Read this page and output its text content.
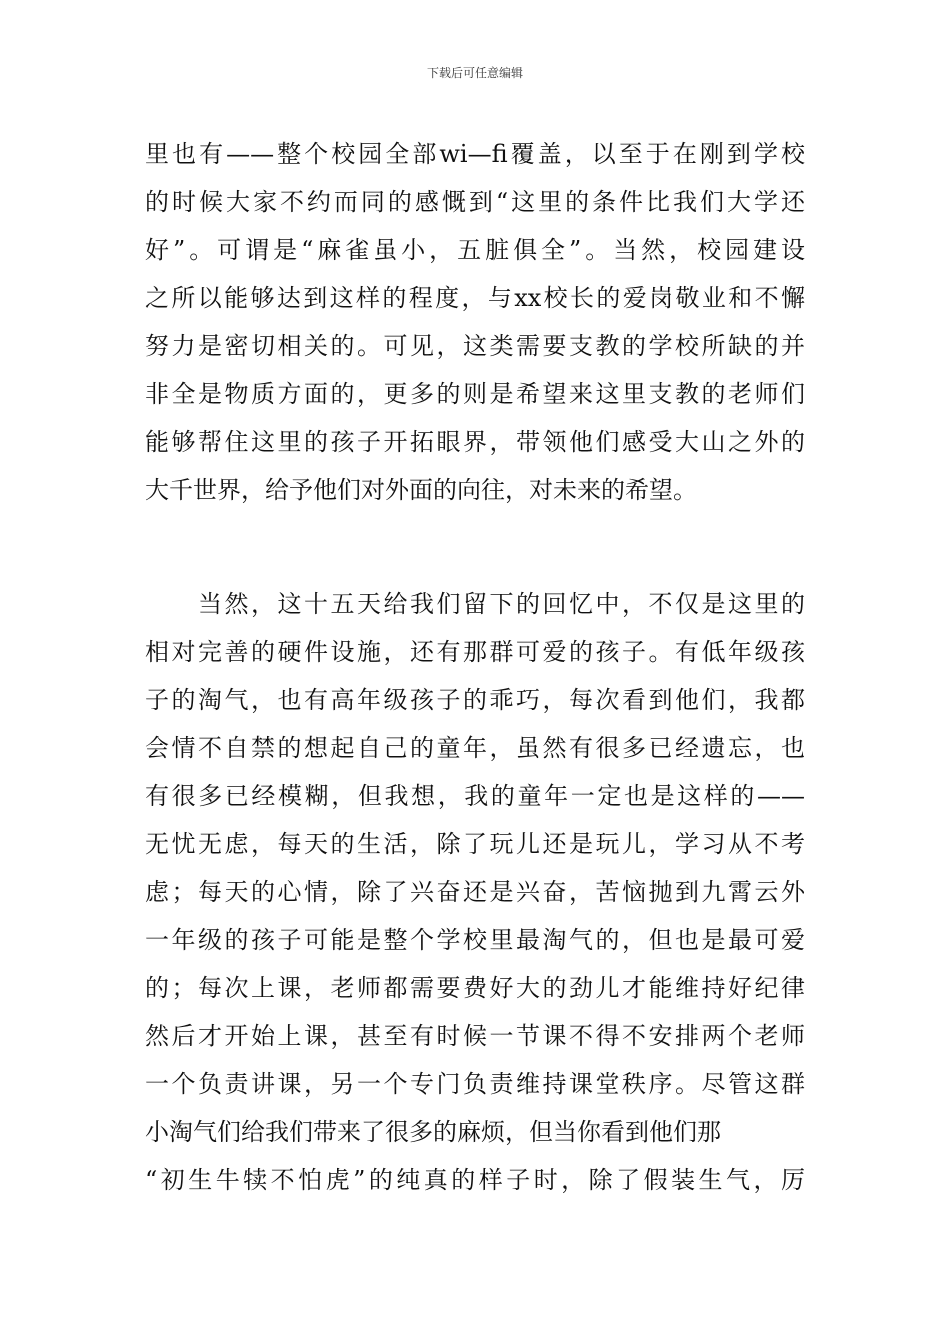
下载后可任意编辑
里也有——整个校园全部wi—fi覆盖，以至于在刚到学校
的时候大家不约而同的感慨到“这里的条件比我们大学还
好”。可谓是“麻雀虽小，五脏俱全”。当然，校园建设
之所以能够达到这样的程度，与xx校长的爱岗敬业和不懈
努力是密切相关的。可见，这类需要支教的学校所缺的并
非全是物质方面的，更多的则是希望来这里支教的老师们
能够帮住这里的孩子开拓眼界，带领他们感受大山之外的
大千世界，给予他们对外面的向往，对未来的希望。
　　当然，这十五天给我们留下的回忆中，不仅是这里的
相对完善的硬件设施，还有那群可爱的孩子。有低年级孩
子的淘气，也有高年级孩子的乖巧，每次看到他们，我都
会情不自禁的想起自己的童年，虽然有很多已经遗忘，也
有很多已经模糊，但我想，我的童年一定也是这样的——
无忧无虑，每天的生活，除了玩儿还是玩儿，学习从不考
虑；每天的心情，除了兴奋还是兴奋，苦恼抛到九霄云外
一年级的孩子可能是整个学校里最淘气的，但也是最可爱
的；每次上课，老师都需要费好大的劲儿才能维持好纪律
然后才开始上课，甚至有时候一节课不得不安排两个老师
一个负责讲课，另一个专门负责维持课堂秩序。尽管这群
小淘气们给我们带来了很多的麻烦，但当你看到他们那
“初生牛犊不怕虎”的纯真的样子时，除了假装生气，厉
